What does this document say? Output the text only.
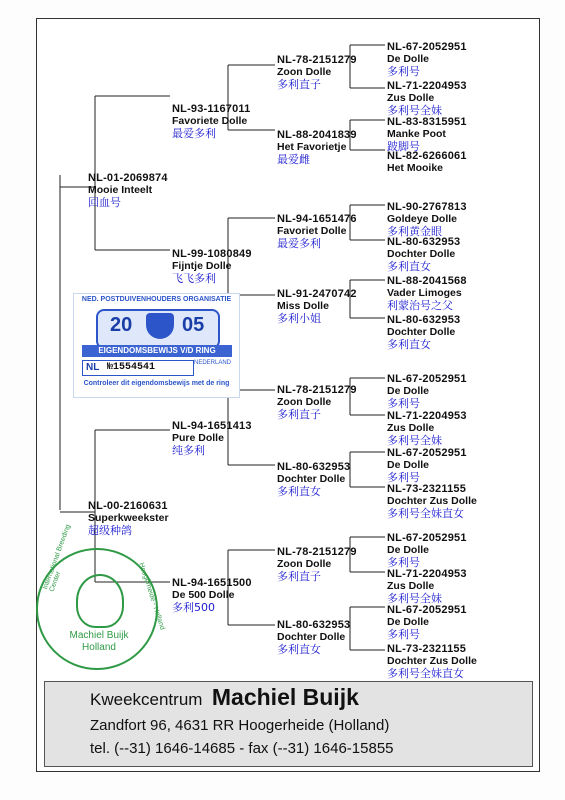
NL-01-2069874
Mooie Inteelt
回血号
NL-00-2160631
Superkweekster
超级种鸽
NL-93-1167011
Favoriete Dolle
最爱多利
NL-99-1080849
Fijntje Dolle
飞飞多利
NL-94-1651413
Pure Dolle
纯多利
NL-94-1651500
De 500 Dolle
多利500
NL-78-2151279
Zoon Dolle
多利直子
NL-88-2041839
Het Favorietje
最爱雌
NL-94-1651476
Favoriet Dolle
最爱多利
NL-91-2470742
Miss Dolle
多利小姐
NL-78-2151279
Zoon Dolle
多利直子
NL-80-632953
Dochter Dolle
多利直女
NL-78-2151279
Zoon Dolle
多利直子
NL-80-632953
Dochter Dolle
多利直女
NL-67-2052951
De Dolle
多利号
NL-71-2204953
Zus Dolle
多利号全妹
NL-83-8315951
Manke Poot
跛脚号
NL-82-6266061
Het Mooike
NL-90-2767813
Goldeye Dolle
多利黄金眼
NL-80-632953
Dochter Dolle
多利直女
NL-88-2041568
Vader Limoges
利蒙治号之父
NL-80-632953
Dochter Dolle
多利直女
NL-67-2052951
De Dolle
多利号
NL-71-2204953
Zus Dolle
多利号全妹
NL-67-2052951
De Dolle
多利号
NL-73-2321155
Dochter Zus Dolle
多利号全妹直女
NL-67-2052951
De Dolle
多利号
NL-71-2204953
Zus Dolle
多利号全妹
NL-67-2052951
De Dolle
多利号
NL-73-2321155
Dochter Zus Dolle
多利号全妹直女
NED. POSTDUIVENHOUDERS ORGANISATIE
20 05
EIGENDOMSBEWIJS V/D RING
NL №1554541	NEDERLAND
Controleer dit eigendomsbewijs met de ring
International Breeding Center	Hoogerheide - Holland
Machiel Buijk
Holland
Kweekcentrum Machiel Buijk
Zandfort 96, 4631 RR Hoogerheide (Holland)
tel. (--31) 1646-14685 - fax (--31) 1646-15855
